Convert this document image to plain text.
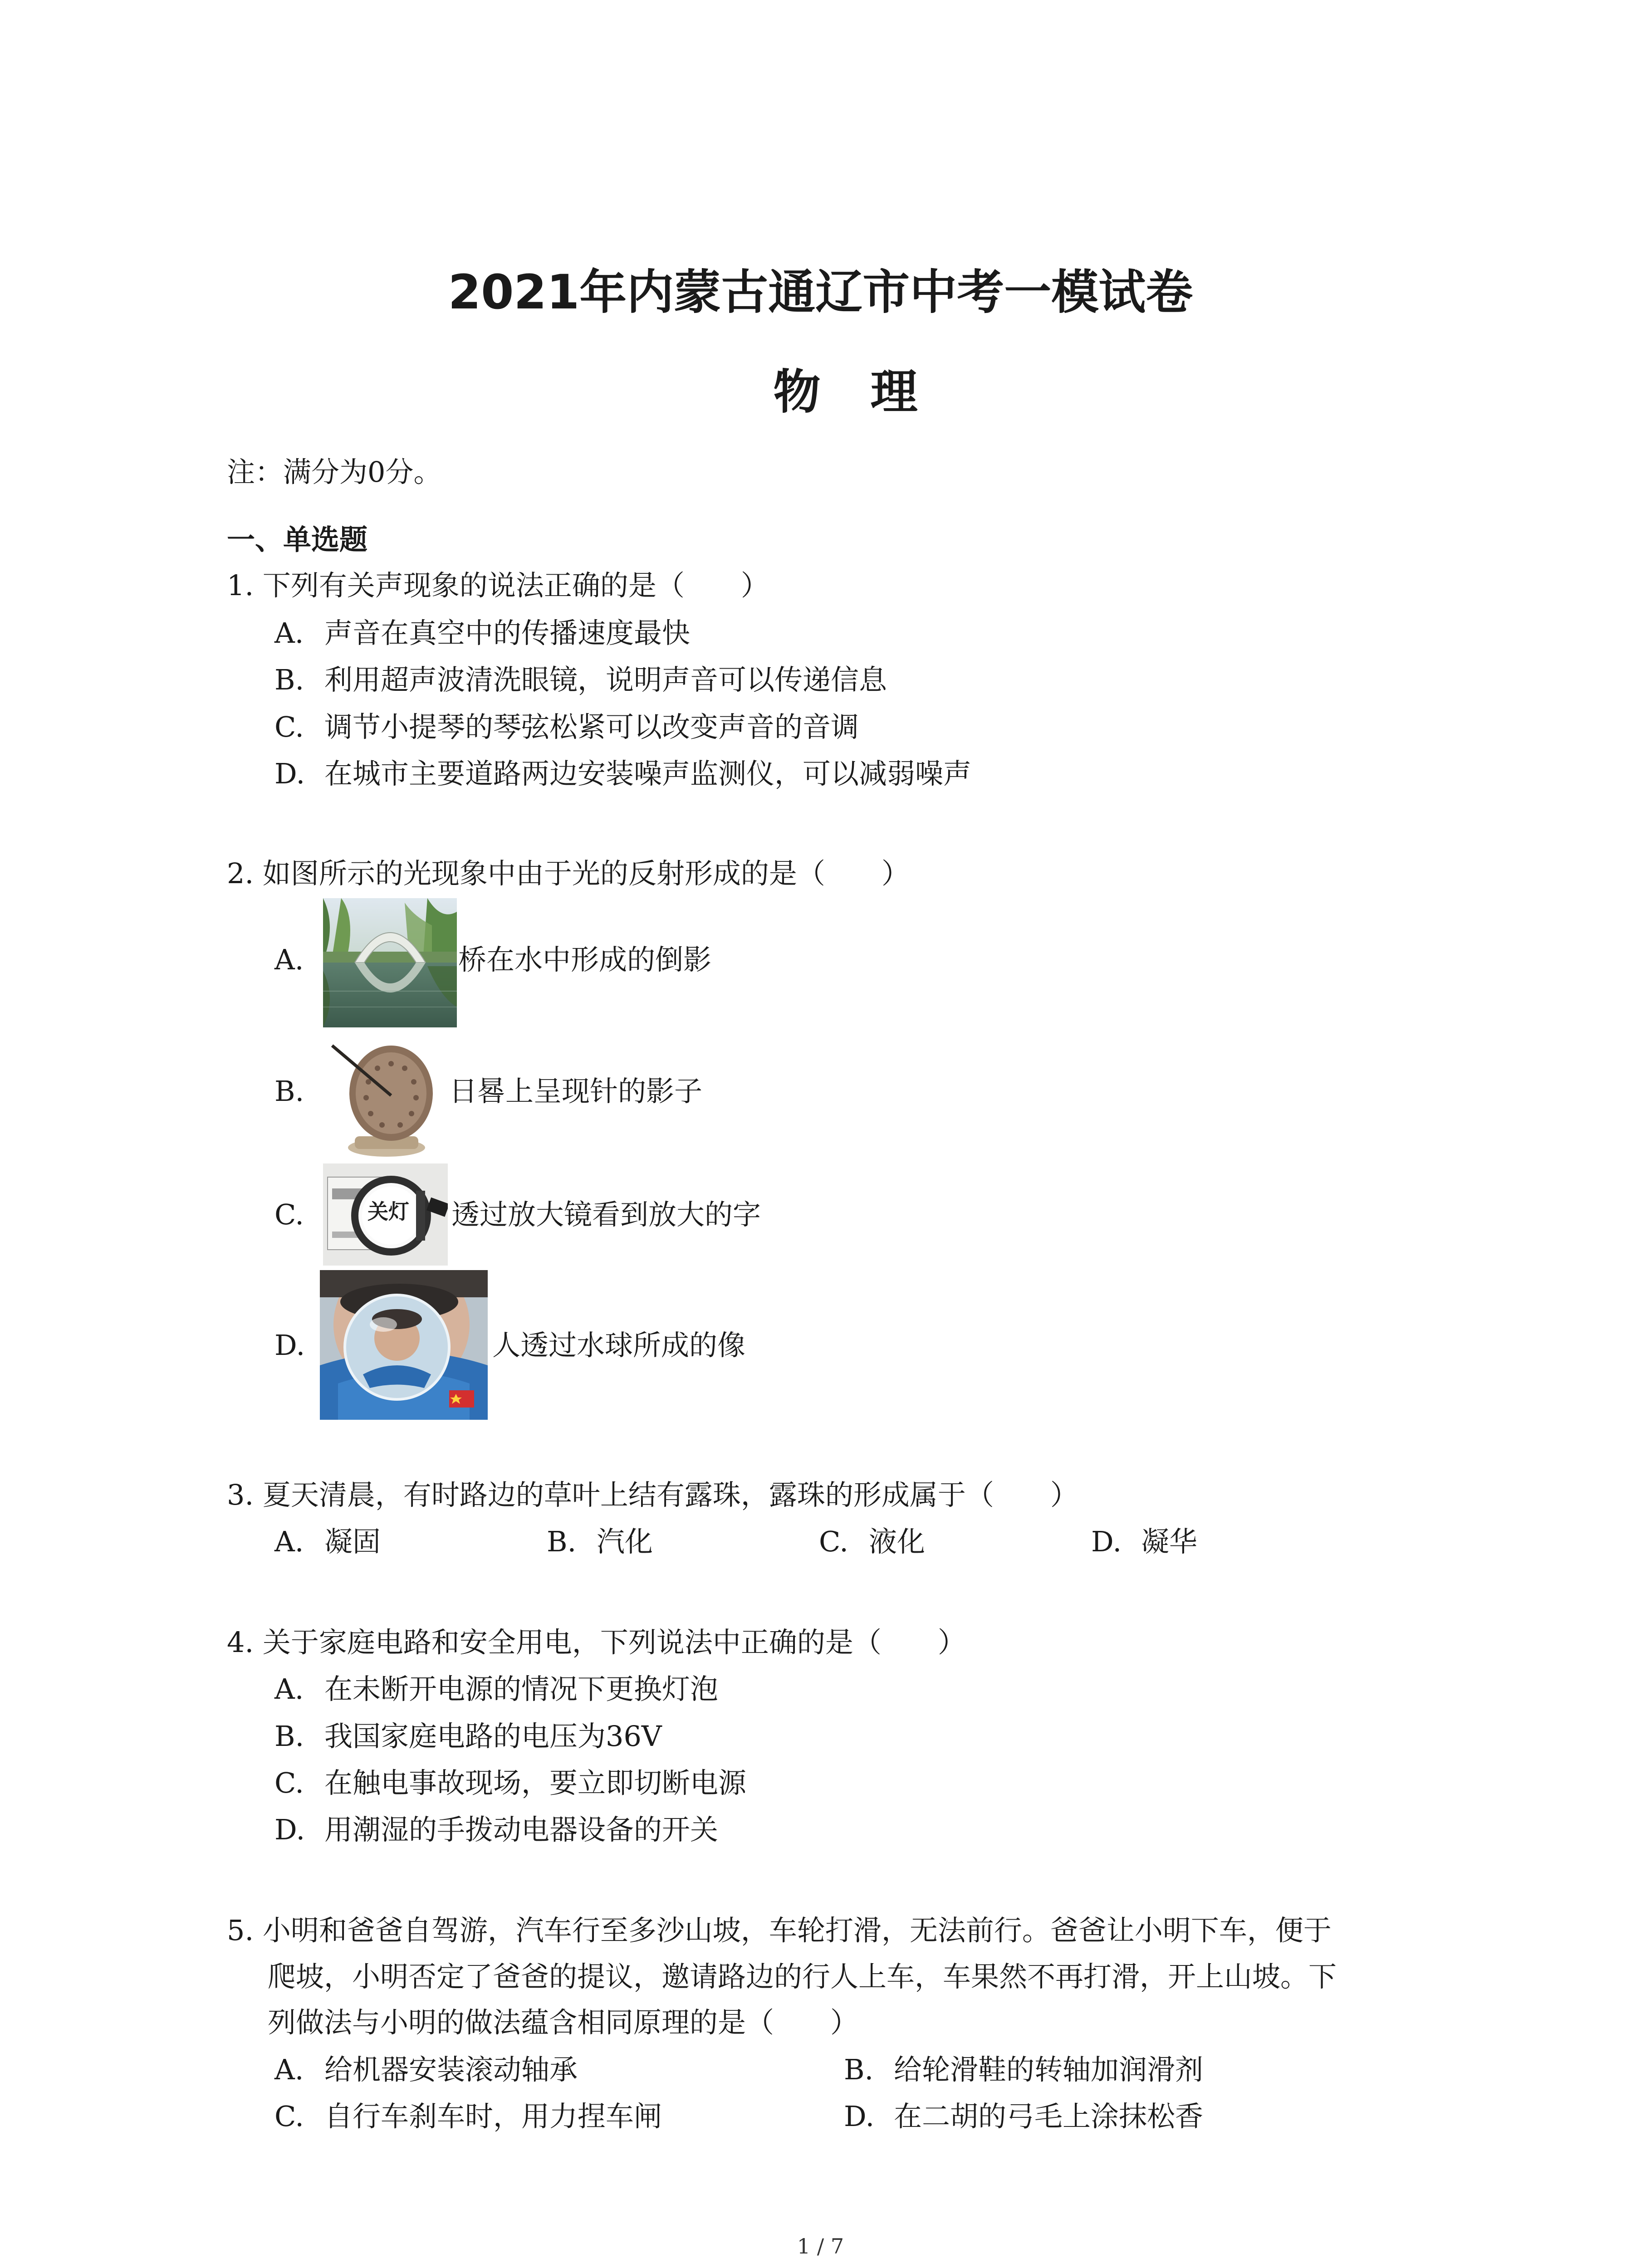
2021年内蒙古通辽市中考一模试卷
物理
注：满分为0分。
一、单选题
1. 下列有关声现象的说法正确的是（　　）
A. 声音在真空中的传播速度最快
B. 利用超声波清洗眼镜，说明声音可以传递信息
C. 调节小提琴的琴弦松紧可以改变声音的音调
D. 在城市主要道路两边安装噪声监测仪，可以减弱噪声
2. 如图所示的光现象中由于光的反射形成的是（　　）
A.	桥在水中形成的倒影
B.	日晷上呈现针的影子
C.	关灯 透过放大镜看到放大的字
D.	人透过水球所成的像
3. 夏天清晨，有时路边的草叶上结有露珠，露珠的形成属于（　　）
A. 凝固	B. 汽化	C. 液化	D. 凝华
4. 关于家庭电路和安全用电，下列说法中正确的是（　　）
A. 在未断开电源的情况下更换灯泡
B. 我国家庭电路的电压为36V
C. 在触电事故现场，要立即切断电源
D. 用潮湿的手拨动电器设备的开关
5. 小明和爸爸自驾游，汽车行至多沙山坡，车轮打滑，无法前行。爸爸让小明下车，便于
爬坡，小明否定了爸爸的提议，邀请路边的行人上车，车果然不再打滑，开上山坡。下
列做法与小明的做法蕴含相同原理的是（　　）
A. 给机器安装滚动轴承	B. 给轮滑鞋的转轴加润滑剂
C. 自行车刹车时，用力捏车闸	D. 在二胡的弓毛上涂抹松香
1 / 7
